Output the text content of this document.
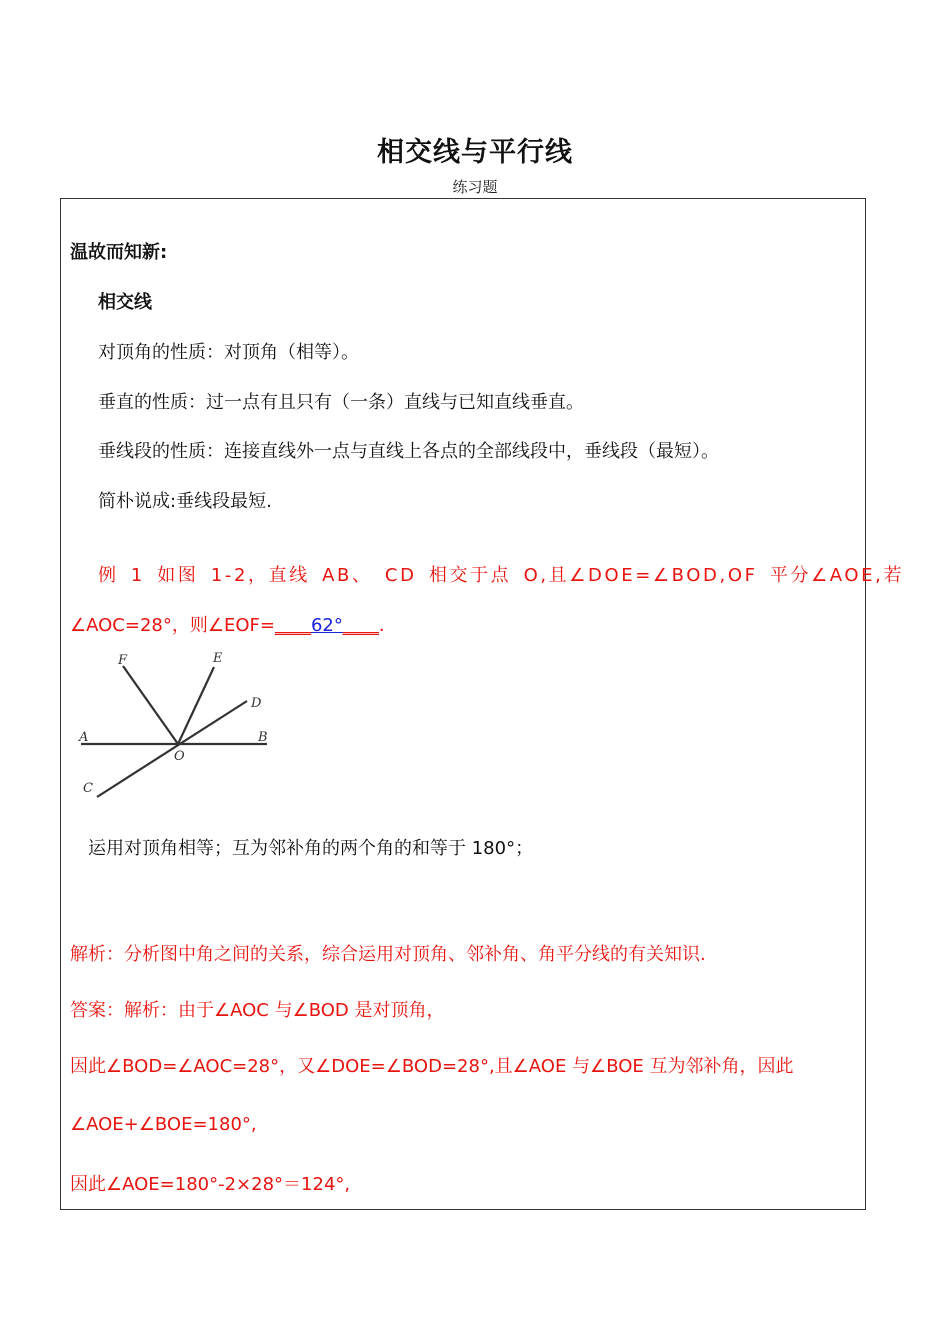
相交线与平行线
练习题
温故而知新:
相交线
对顶角的性质：对顶角（相等）。
垂直的性质：过一点有且只有（一条）直线与已知直线垂直。
垂线段的性质：连接直线外一点与直线上各点的全部线段中，垂线段（最短）。
简朴说成:垂线段最短.
例 1 如图 1-2，直线 AB、 CD 相交于点 O,且∠DOE=∠BOD,OF 平分∠AOE,若
∠AOC=28°，则∠EOF=____62°____.
A	B
C
D
E
F
O
运用对顶角相等；互为邻补角的两个角的和等于 180°；
解析：分析图中角之间的关系，综合运用对顶角、邻补角、角平分线的有关知识.
答案：解析：由于∠AOC 与∠BOD 是对顶角，
因此∠BOD=∠AOC=28°，又∠DOE=∠BOD=28°,且∠AOE 与∠BOE 互为邻补角，因此
∠AOE+∠BOE=180°,
因此∠AOE=180°-2×28°＝124°,
